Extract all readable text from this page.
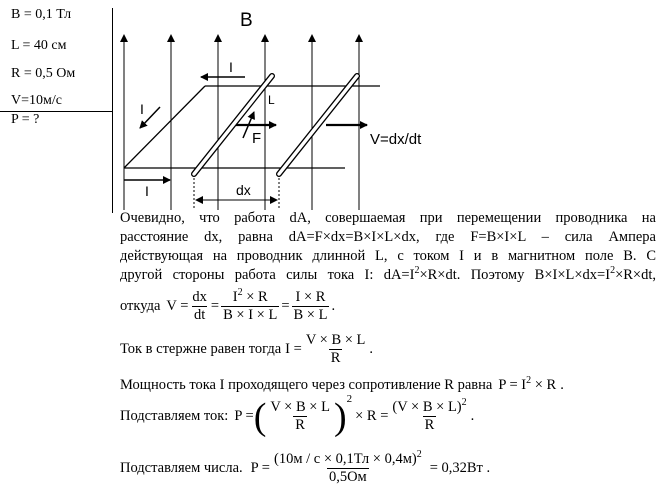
B = 0,1 Тл
L = 40 см
R = 0,5 Ом
V=10м/с
P = ?
B
I
I
I
L
F	V=dx/dt
dx
Очевидно, что работа dA, совершаемая при перемещении проводника на
расстояние dx, равна dA=F×dx=B×I×L×dx, где F=B×I×L – сила Ампера
действующая на проводник длинной L, с током I и в магнитном поле B. С
другой стороны работа силы тока I: $dA=I^2\times R\times dt$. Поэтому $B\times I\times L\times dx=I^2\times R\times dt$,
откуда $V = \frac{dx}{dt} = \frac{I^2 \times R}{B \times I \times L} = \frac{I \times R}{B \times L}$ .
Ток в стержне равен тогда $I = \frac{V \times B \times L}{R}$ .
Мощность тока I проходящего через сопротивление R равна $P = I^2 \times R$ .
Подставляем ток: P = ( $\frac{V \times B \times L}{R}$ ) 2
× $R = \frac{(V \times B \times L)^2}{R}$ .
Подставляем числа. $P = \frac{(10м / с \times 0,1Тл \times 0,4м)^2}{0,5Ом} = 0,32Вт$ .
